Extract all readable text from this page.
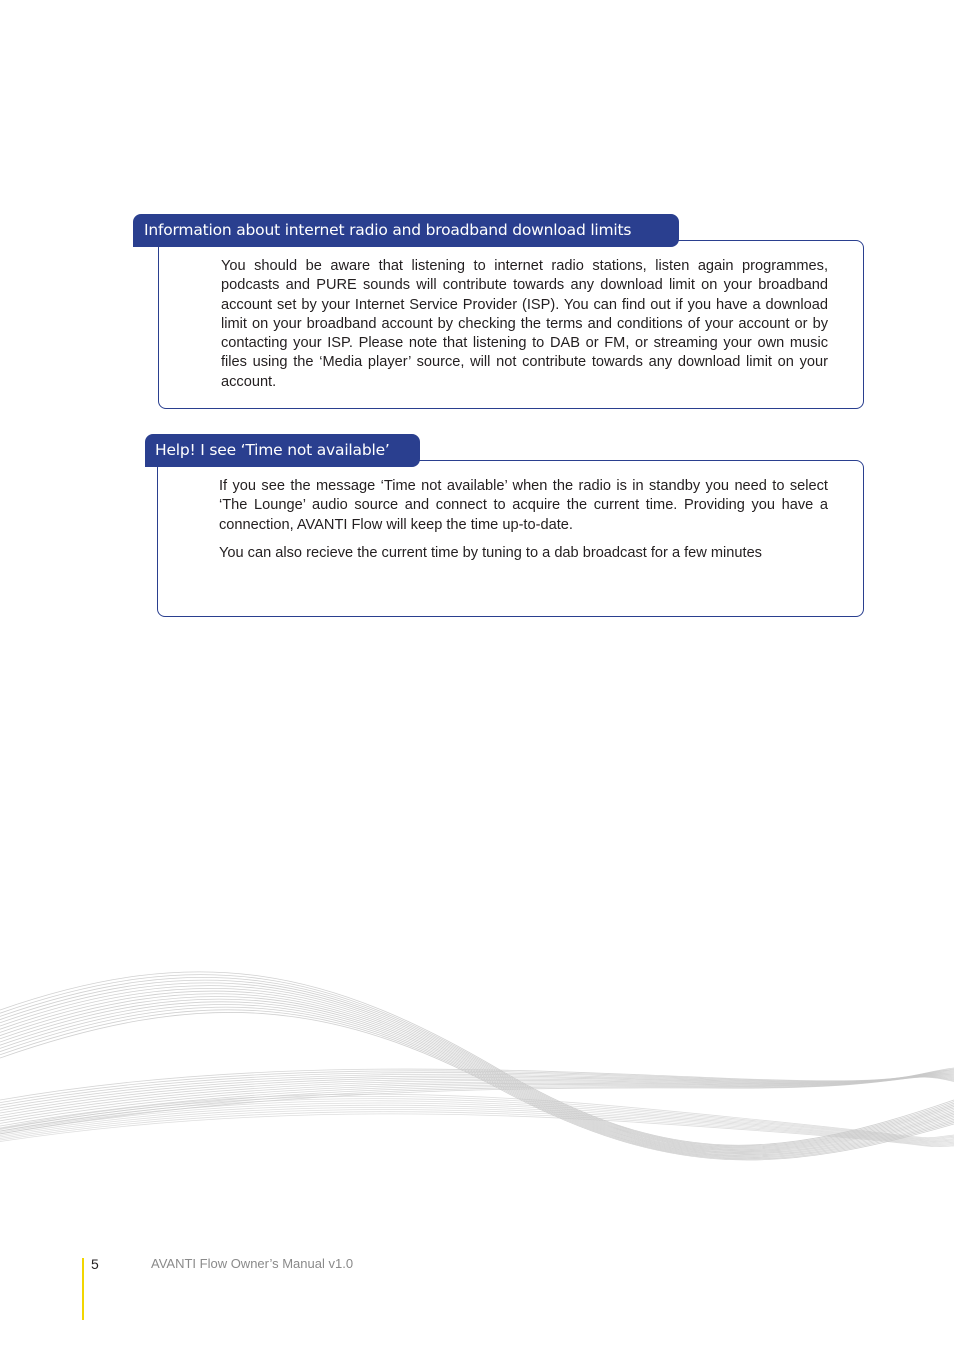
Information about internet radio and broadband download limits

You should be aware that listening to internet radio stations, listen again programmes, podcasts and PURE sounds will contribute towards any download limit on your broadband account set by your Internet Service Provider (ISP). You can find out if you have a download limit on your broadband account by checking the terms and conditions of your account or by contacting your ISP. Please note that listening to DAB or FM, or streaming your own music files using the ‘Media player’ source, will not contribute towards any download limit on your account.

Help! I see ‘Time not available’

If you see the message ‘Time not available’ when the radio is in standby you need to select ‘The Lounge’ audio source and connect to acquire the current time. Providing you have a connection, AVANTI Flow will keep the time up-to-date.

You can also recieve the current time by tuning to a dab broadcast for a few minutes

5	AVANTI Flow Owner’s Manual v1.0
